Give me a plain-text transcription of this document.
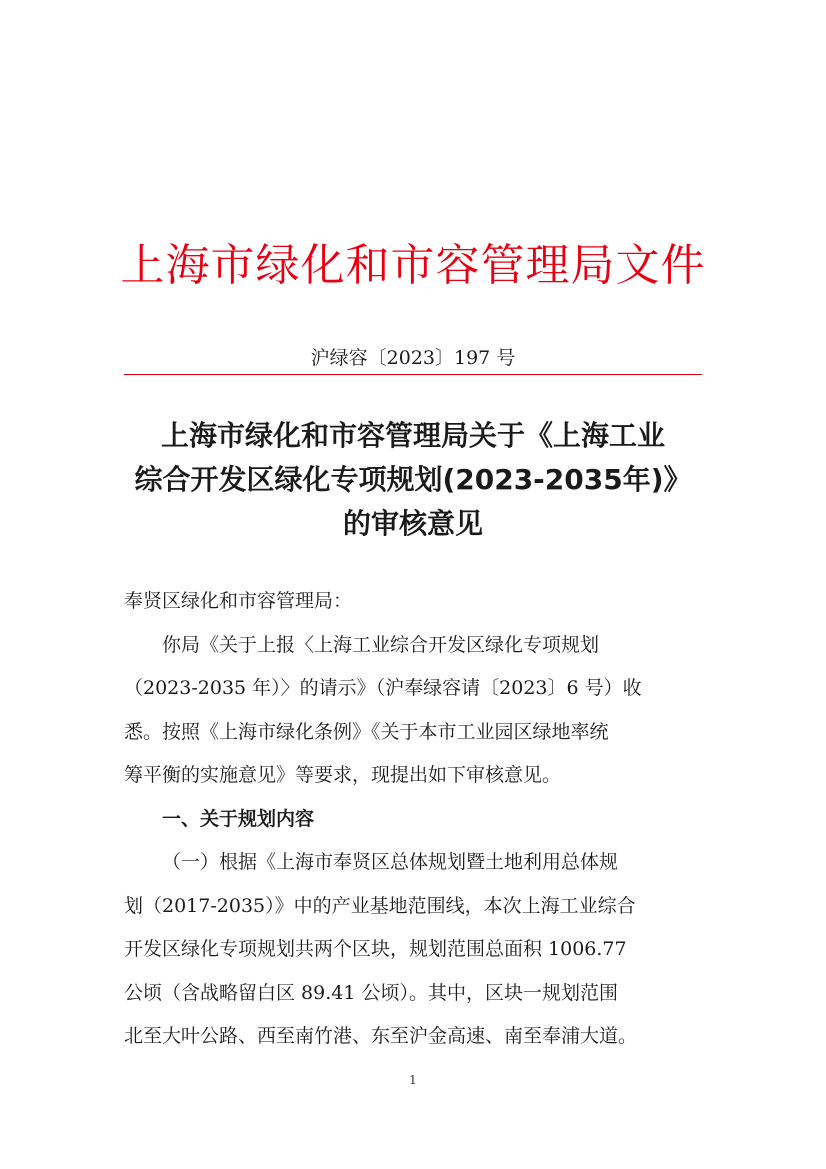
上海市绿化和市容管理局文件
沪绿容〔2023〕197 号
上海市绿化和市容管理局关于《上海工业
综合开发区绿化专项规划(2023-2035年)》
的审核意见

奉贤区绿化和市容管理局：

你局《关于上报〈上海工业综合开发区绿化专项规划

（2023-2035 年）〉的请示》（沪奉绿容请〔2023〕6 号）收

悉。按照《上海市绿化条例》《关于本市工业园区绿地率统

筹平衡的实施意见》等要求，现提出如下审核意见。

一、关于规划内容

（一）根据《上海市奉贤区总体规划暨土地利用总体规

划（2017-2035）》中的产业基地范围线，本次上海工业综合

开发区绿化专项规划共两个区块，规划范围总面积 1006.77

公顷（含战略留白区 89.41 公顷）。其中，区块一规划范围

北至大叶公路、西至南竹港、东至沪金高速、南至奉浦大道。

1
